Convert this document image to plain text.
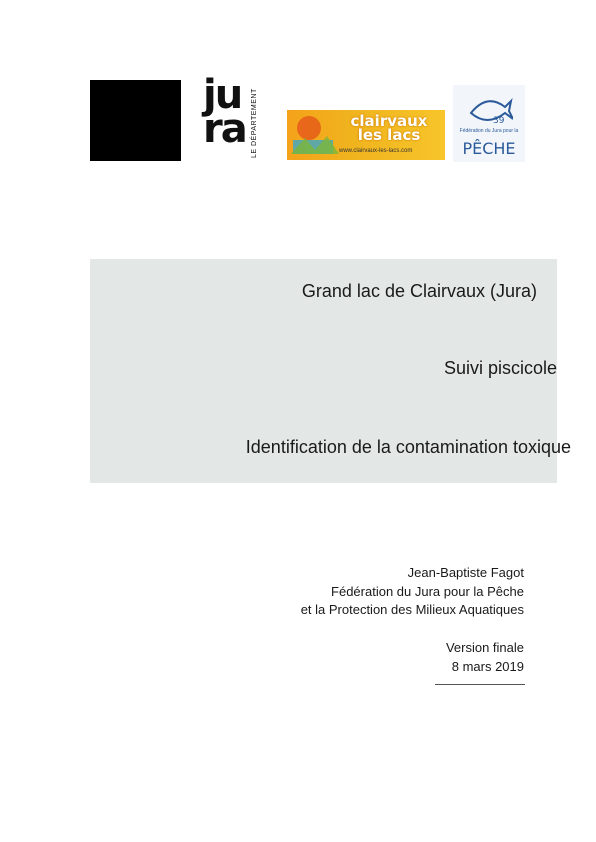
ju
ra LE DÉPARTEMENT	clairvaux les lacs
www.clairvaux-les-lacs.com
39
Fédération du Jura pour la
PÊCHE
Grand lac de Clairvaux (Jura)
Suivi piscicole
Identification de la contamination toxique
Jean-Baptiste Fagot
Fédération du Jura pour la Pêche
et la Protection des Milieux Aquatiques
Version finale
8 mars 2019
